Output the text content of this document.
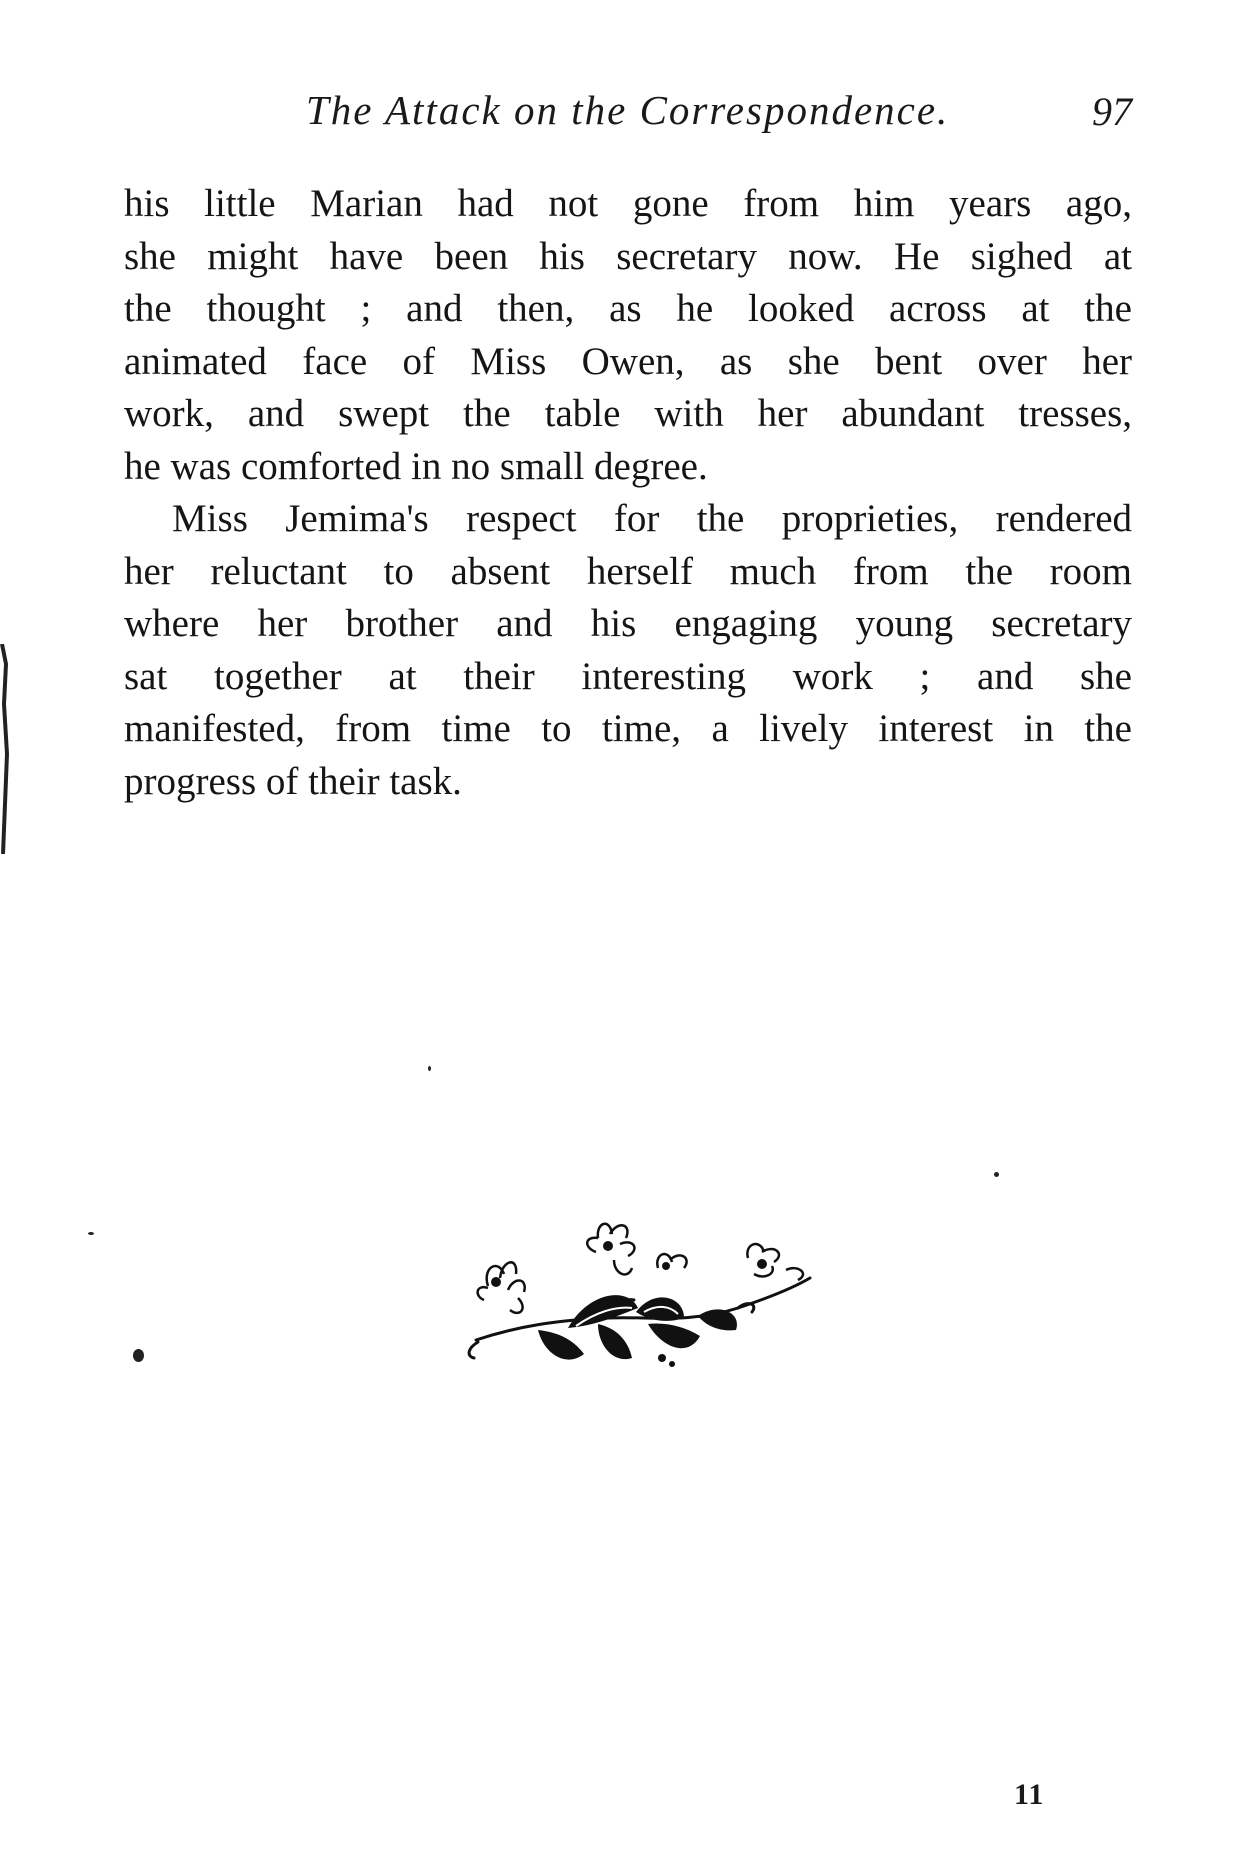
The Attack on the Correspondence.	97

his little Marian had not gone from him years ago,
she might have been his secretary now. He sighed at
the thought ; and then, as he looked across at the
animated face of Miss Owen, as she bent over her
work, and swept the table with her abundant tresses,
he was comforted in no small degree.

Miss Jemima's respect for the proprieties, rendered
her reluctant to absent herself much from the room
where her brother and his engaging young secretary
sat together at their interesting work ; and she
manifested, from time to time, a lively interest in the
progress of their task.

11
